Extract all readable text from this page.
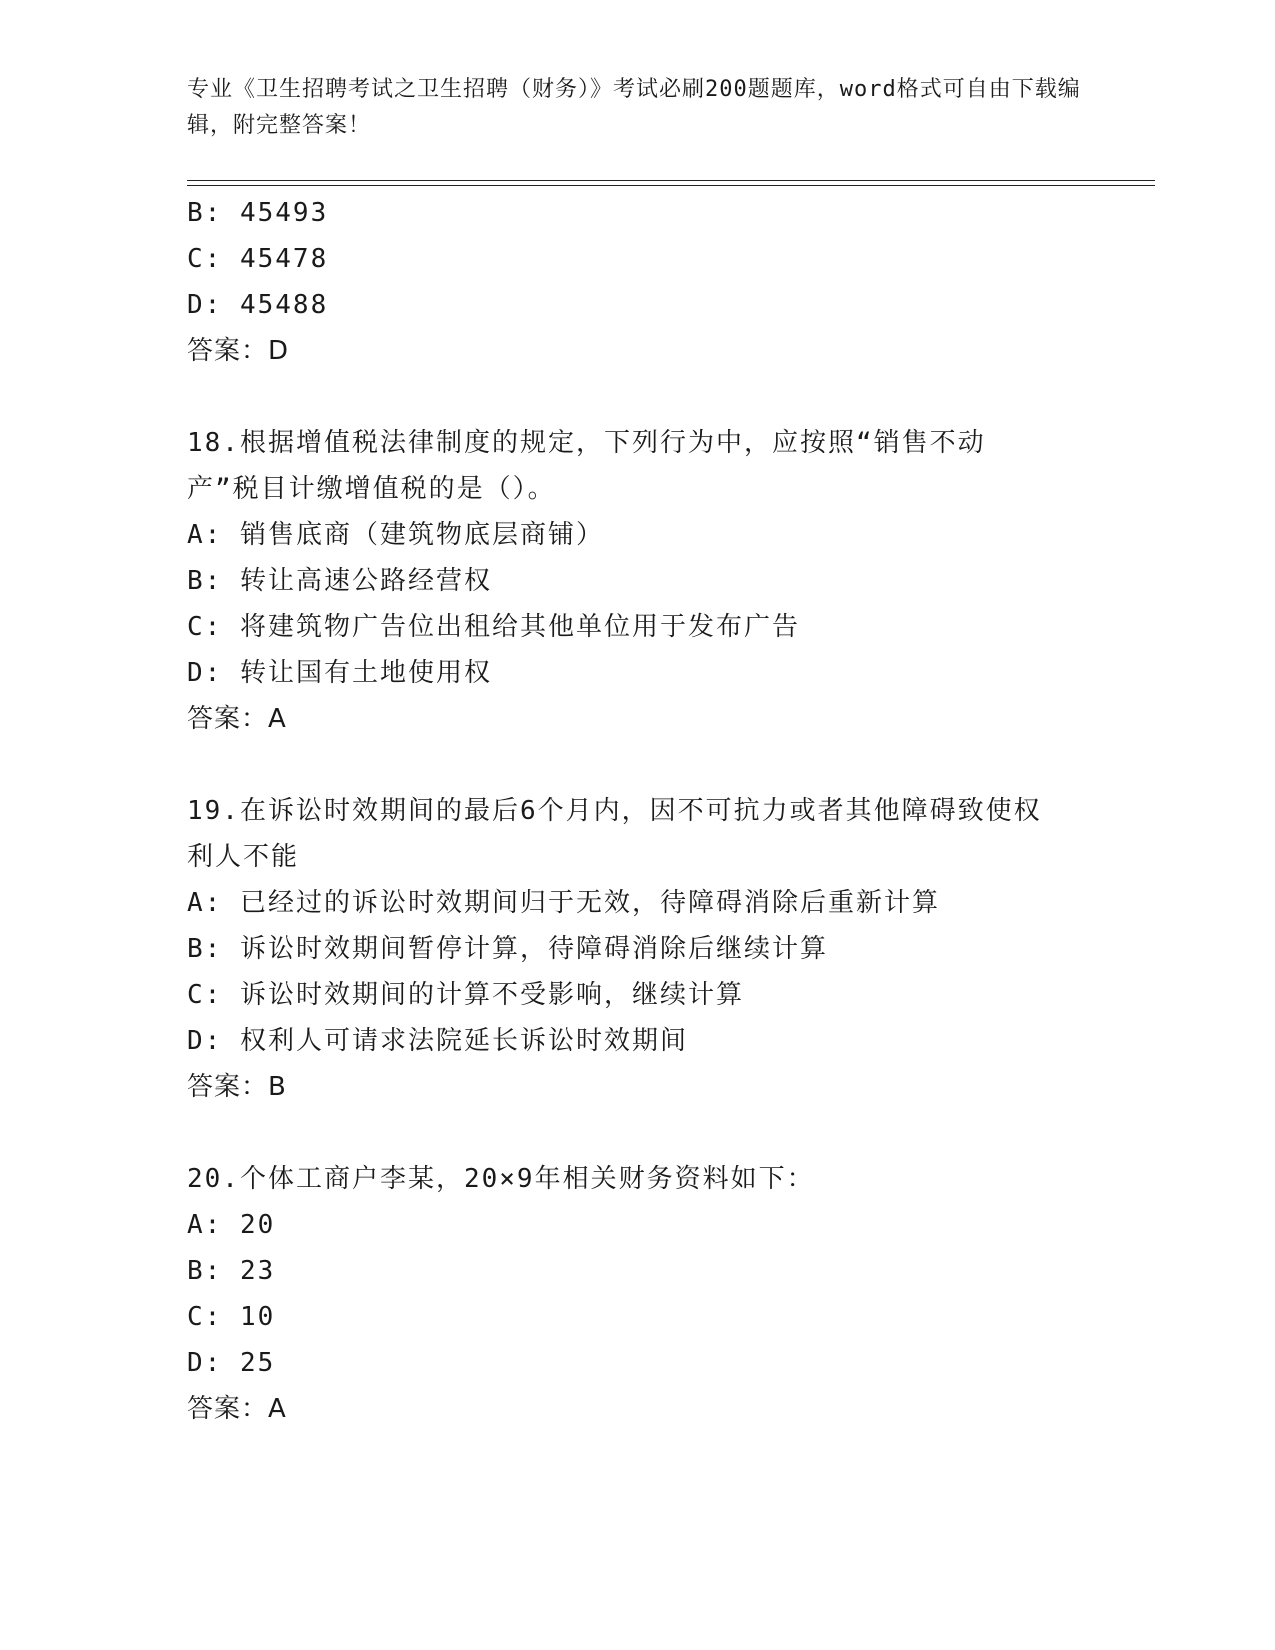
专业《卫生招聘考试之卫生招聘（财务）》考试必刷200题题库，word格式可自由下载编辑，附完整答案！
B: 45493
C: 45478
D: 45488
答案：D
18.根据增值税法律制度的规定，下列行为中，应按照“销售不动产”税目计缴增值税的是（）。
A: 销售底商（建筑物底层商铺）
B: 转让高速公路经营权
C: 将建筑物广告位出租给其他单位用于发布广告
D: 转让国有土地使用权
答案：A
19.在诉讼时效期间的最后6个月内，因不可抗力或者其他障碍致使权利人不能
A: 已经过的诉讼时效期间归于无效，待障碍消除后重新计算
B: 诉讼时效期间暂停计算，待障碍消除后继续计算
C: 诉讼时效期间的计算不受影响，继续计算
D: 权利人可请求法院延长诉讼时效期间
答案：B
20.个体工商户李某，20×9年相关财务资料如下：
A: 20
B: 23
C: 10
D: 25
答案：A
